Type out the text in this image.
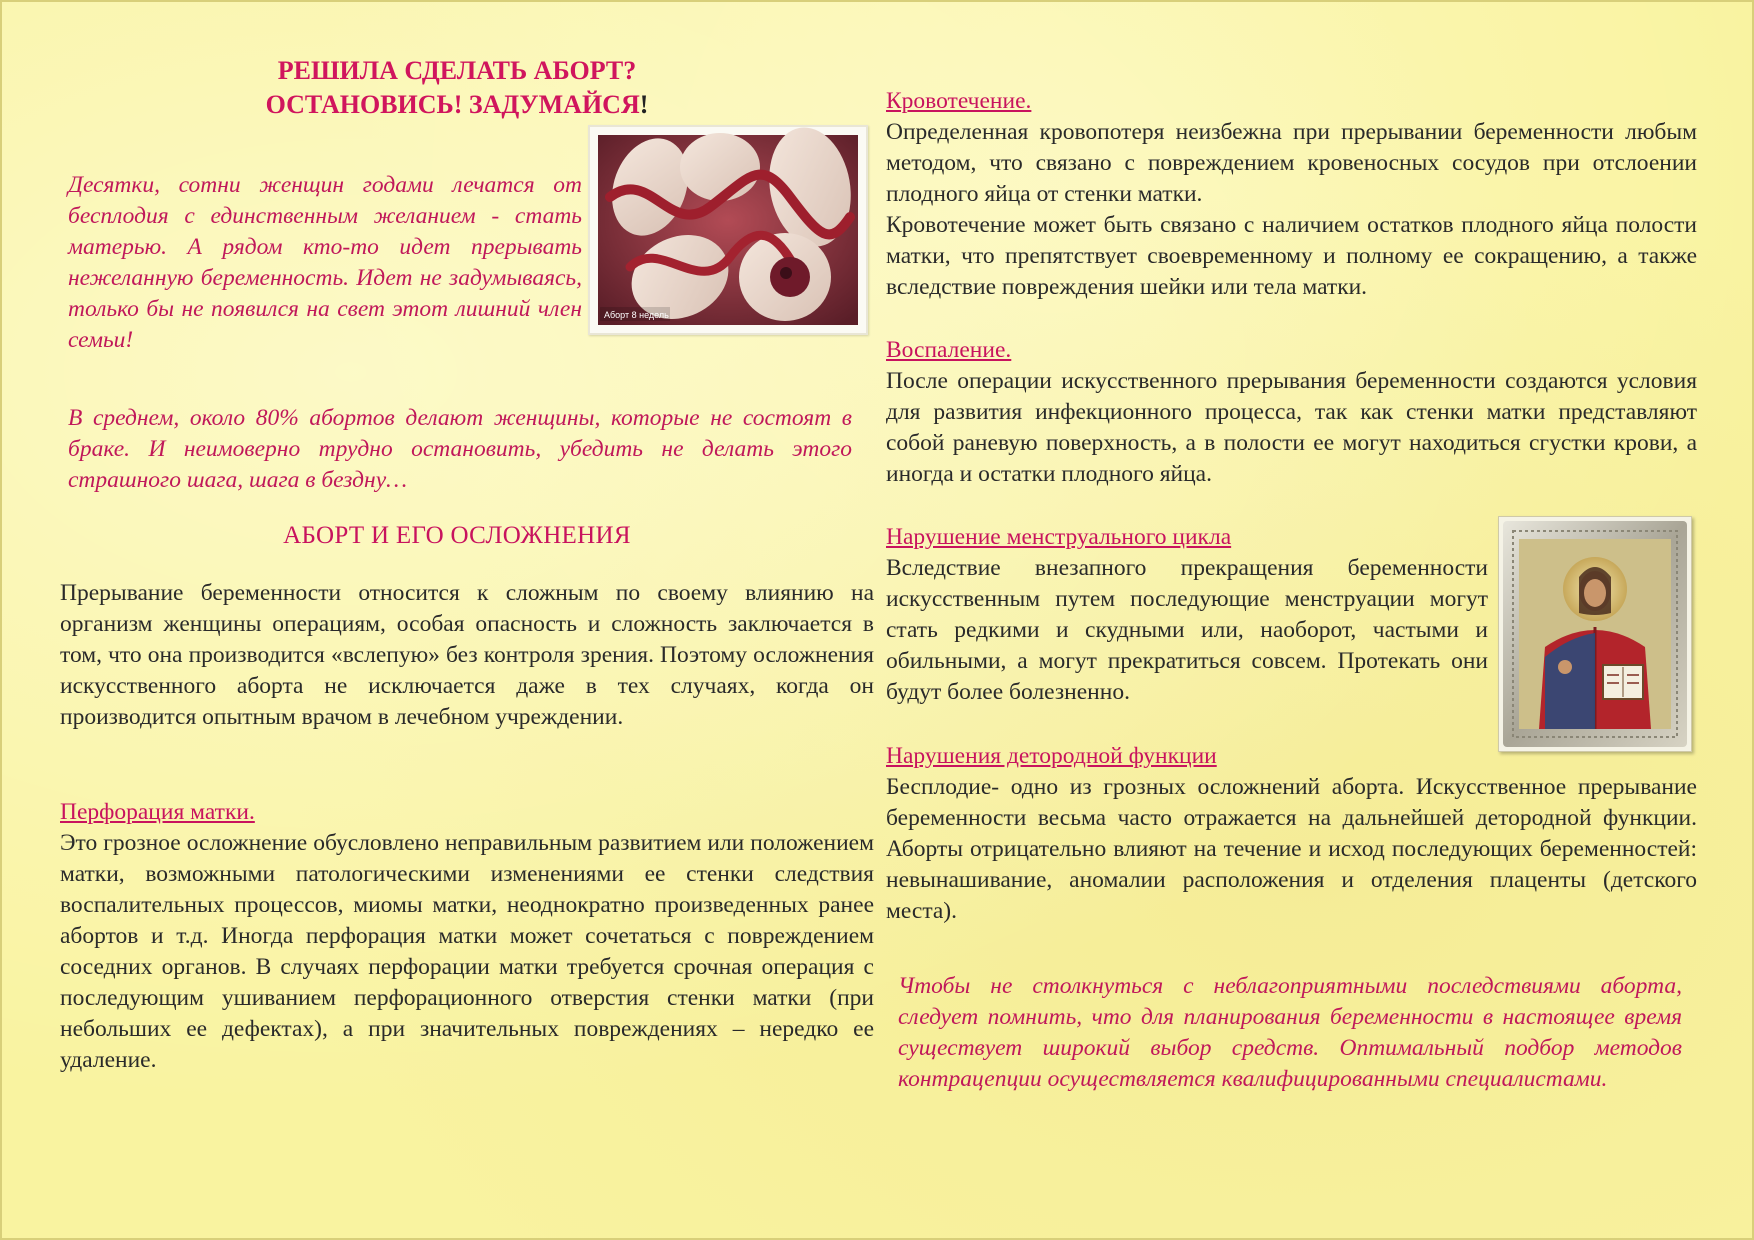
РЕШИЛА СДЕЛАТЬ АБОРТ?
ОСТАНОВИСЬ! ЗАДУМАЙСЯ!
Аборт 8 недель
Десятки, сотни женщин годами лечатся от бесплодия с единственным желанием - стать матерью. А рядом кто-то идет прерывать нежеланную беременность. Идет не задумываясь, только бы не появился на свет этот лишний член семьи!
В среднем, около 80% абортов делают женщины, которые не состоят в браке. И неимоверно трудно остановить, убедить не делать этого страшного шага, шага в бездну…
АБОРТ И ЕГО ОСЛОЖНЕНИЯ
Прерывание беременности относится к сложным по своему влиянию на организм женщины операциям, особая опасность и сложность заключается в том, что она производится «вслепую» без контроля зрения. Поэтому осложнения искусственного аборта не исключается даже в тех случаях, когда он производится опытным врачом в лечебном учреждении.
Перфорация матки.
Это грозное осложнение обусловлено неправильным развитием или положением матки, возможными патологическими изменениями ее стенки следствия воспалительных процессов, миомы матки, неоднократно произведенных ранее абортов и т.д. Иногда перфорация матки может сочетаться с повреждением соседних органов. В случаях перфорации матки требуется срочная операция с последующим ушиванием перфорационного отверстия стенки матки (при небольших ее дефектах), а при значительных повреждениях – нередко ее удаление.
Кровотечение.
Определенная кровопотеря неизбежна при прерывании беременности любым методом, что связано с повреждением кровеносных сосудов при отслоении плодного яйца от стенки матки.
Кровотечение может быть связано с наличием остатков плодного яйца полости матки, что препятствует своевременному и полному ее сокращению, а также вследствие повреждения шейки или тела матки.
Воспаление.
После операции искусственного прерывания беременности создаются условия для развития инфекционного процесса, так как стенки матки представляют собой раневую поверхность, а в полости ее могут находиться сгустки крови, а иногда и остатки плодного яйца.
Нарушение менструального цикла
Вследствие внезапного прекращения беременности искусственным путем последующие менструации могут стать редкими и скудными или, наоборот, частыми и обильными, а могут прекратиться совсем. Протекать они будут более болезненно.
Нарушения детородной функции
Бесплодие- одно из грозных осложнений аборта. Искусственное прерывание беременности весьма часто отражается на дальнейшей детородной функции. Аборты отрицательно влияют на течение и исход последующих беременностей: невынашивание, аномалии расположения и отделения плаценты (детского места).
Чтобы не столкнуться с неблагоприятными последствиями аборта, следует помнить, что для планирования беременности в настоящее время существует широкий выбор средств. Оптимальный подбор методов контрацепции осуществляется квалифицированными специалистами.
